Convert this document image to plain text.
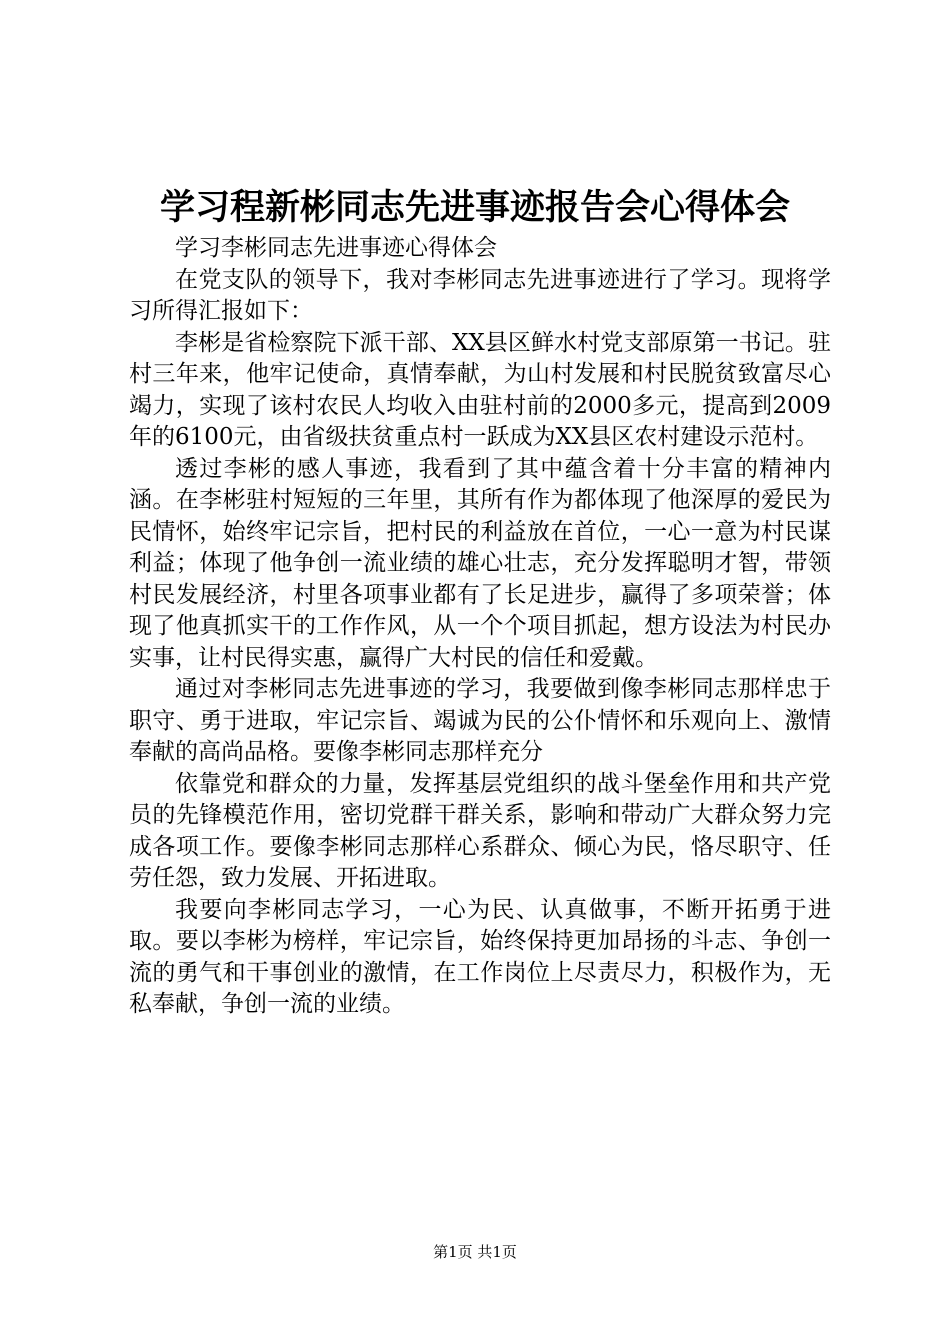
学习程新彬同志先进事迹报告会心得体会

学习李彬同志先进事迹心得体会

在党支队的领导下，我对李彬同志先进事迹进行了学习。现将学习所得汇报如下：

李彬是省检察院下派干部、XX县区鲜水村党支部原第一书记。驻村三年来，他牢记使命，真情奉献，为山村发展和村民脱贫致富尽心竭力，实现了该村农民人均收入由驻村前的2000多元，提高到2009年的6100元，由省级扶贫重点村一跃成为XX县区农村建设示范村。

透过李彬的感人事迹，我看到了其中蕴含着十分丰富的精神内涵。在李彬驻村短短的三年里，其所有作为都体现了他深厚的爱民为民情怀，始终牢记宗旨，把村民的利益放在首位，一心一意为村民谋利益；体现了他争创一流业绩的雄心壮志，充分发挥聪明才智，带领村民发展经济，村里各项事业都有了长足进步，赢得了多项荣誉；体现了他真抓实干的工作作风，从一个个项目抓起，想方设法为村民办实事，让村民得实惠，赢得广大村民的信任和爱戴。

通过对李彬同志先进事迹的学习，我要做到像李彬同志那样忠于职守、勇于进取，牢记宗旨、竭诚为民的公仆情怀和乐观向上、激情奉献的高尚品格。要像李彬同志那样充分

依靠党和群众的力量，发挥基层党组织的战斗堡垒作用和共产党员的先锋模范作用，密切党群干群关系，影响和带动广大群众努力完成各项工作。要像李彬同志那样心系群众、倾心为民，恪尽职守、任劳任怨，致力发展、开拓进取。

我要向李彬同志学习，一心为民、认真做事，不断开拓勇于进取。要以李彬为榜样，牢记宗旨，始终保持更加昂扬的斗志、争创一流的勇气和干事创业的激情，在工作岗位上尽责尽力，积极作为，无私奉献，争创一流的业绩。

第1页 共1页
